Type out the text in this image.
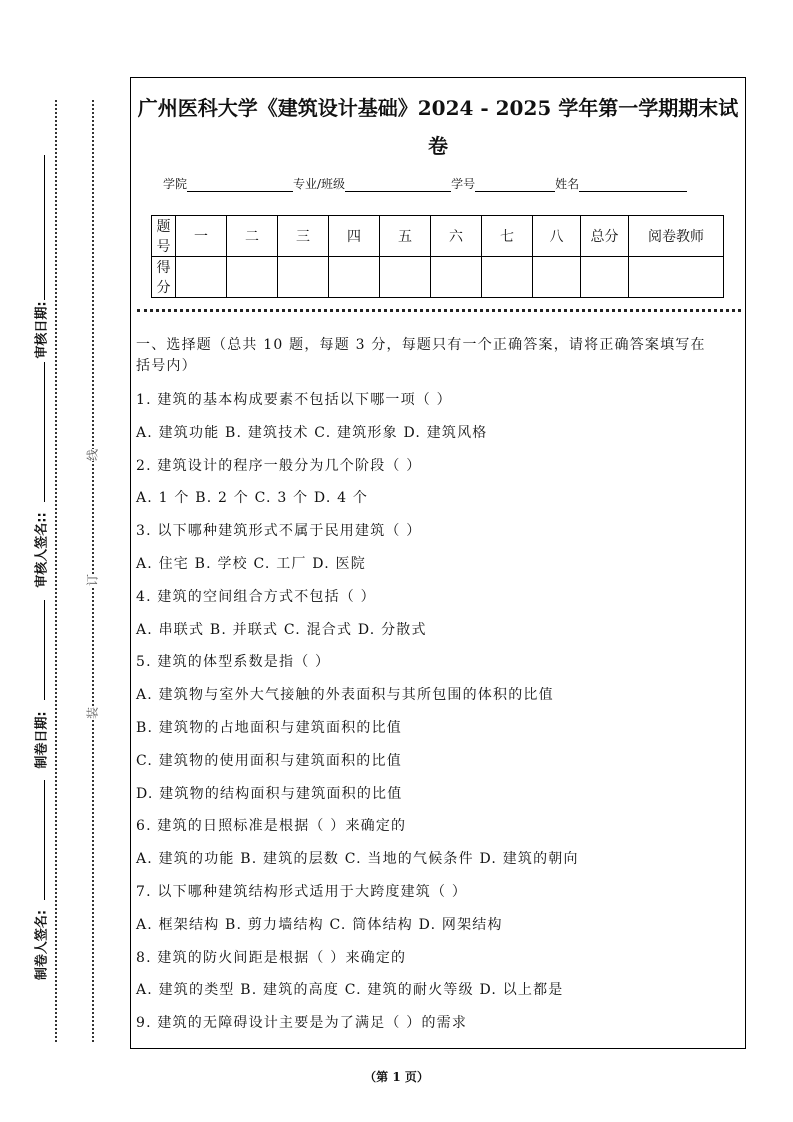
审核日期:
审核人签名::
制卷日期:
制卷人签名:
线
订
装
广州医科大学《建筑设计基础》2024 - 2025 学年第一学期期末试
卷
学院	专业/班级	学号	姓名
题号	一	二	三	四	五	六	七	八	总分	阅卷教师
得分										
一、选择题（总共 10 题，每题 3 分，每题只有一个正确答案，请将正确答案填写在
括号内）
1. 建筑的基本构成要素不包括以下哪一项（ ）
A. 建筑功能 B. 建筑技术 C. 建筑形象 D. 建筑风格
2. 建筑设计的程序一般分为几个阶段（ ）
A. 1 个 B. 2 个 C. 3 个 D. 4 个
3. 以下哪种建筑形式不属于民用建筑（ ）
A. 住宅 B. 学校 C. 工厂 D. 医院
4. 建筑的空间组合方式不包括（ ）
A. 串联式 B. 并联式 C. 混合式 D. 分散式
5. 建筑的体型系数是指（ ）
A. 建筑物与室外大气接触的外表面积与其所包围的体积的比值
B. 建筑物的占地面积与建筑面积的比值
C. 建筑物的使用面积与建筑面积的比值
D. 建筑物的结构面积与建筑面积的比值
6. 建筑的日照标准是根据（ ）来确定的
A. 建筑的功能 B. 建筑的层数 C. 当地的气候条件 D. 建筑的朝向
7. 以下哪种建筑结构形式适用于大跨度建筑（ ）
A. 框架结构 B. 剪力墙结构 C. 筒体结构 D. 网架结构
8. 建筑的防火间距是根据（ ）来确定的
A. 建筑的类型 B. 建筑的高度 C. 建筑的耐火等级 D. 以上都是
9. 建筑的无障碍设计主要是为了满足（ ）的需求
（第 1 页）
